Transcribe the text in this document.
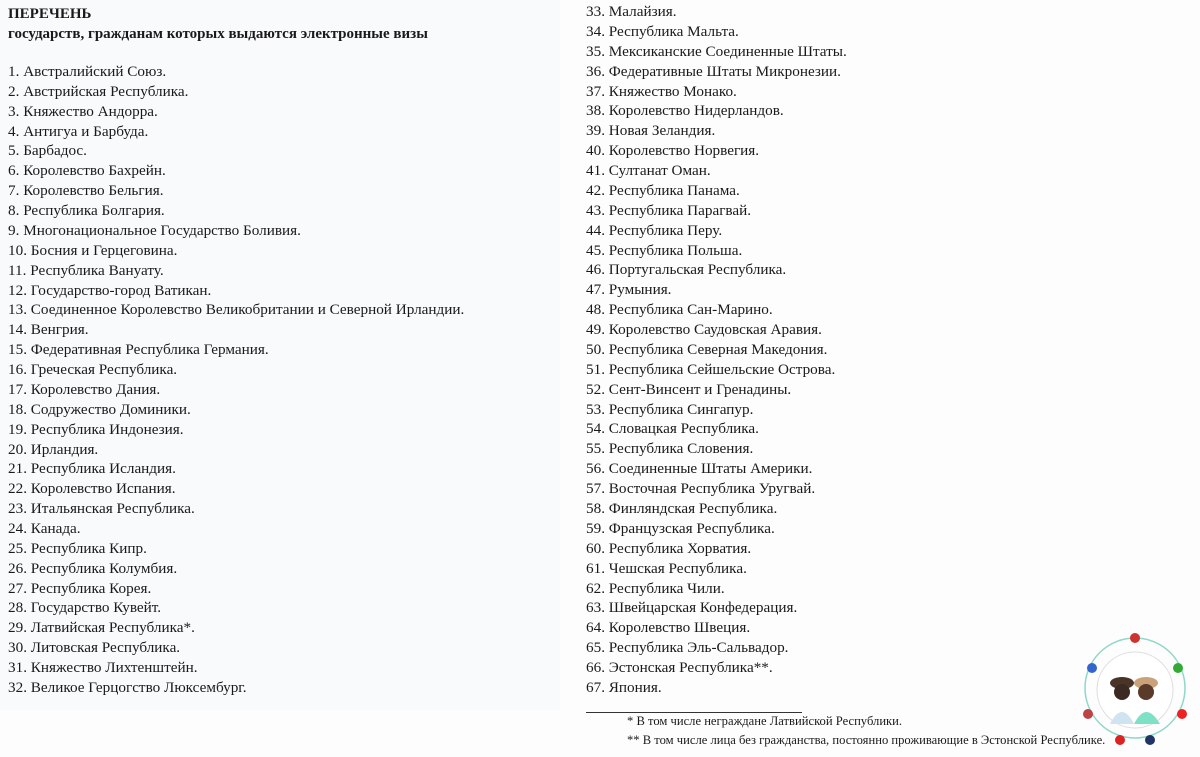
ПЕРЕЧЕНЬ
государств, гражданам которых выдаются электронные визы
1. Австралийский Союз.
2. Австрийская Республика.
3. Княжество Андорра.
4. Антигуа и Барбуда.
5. Барбадос.
6. Королевство Бахрейн.
7. Королевство Бельгия.
8. Республика Болгария.
9. Многонациональное Государство Боливия.
10. Босния и Герцеговина.
11. Республика Вануату.
12. Государство-город Ватикан.
13. Соединенное Королевство Великобритании и Северной Ирландии.
14. Венгрия.
15. Федеративная Республика Германия.
16. Греческая Республика.
17. Королевство Дания.
18. Содружество Доминики.
19. Республика Индонезия.
20. Ирландия.
21. Республика Исландия.
22. Королевство Испания.
23. Итальянская Республика.
24. Канада.
25. Республика Кипр.
26. Республика Колумбия.
27. Республика Корея.
28. Государство Кувейт.
29. Латвийская Республика*.
30. Литовская Республика.
31. Княжество Лихтенштейн.
32. Великое Герцогство Люксембург.
33. Малайзия.
34. Республика Мальта.
35. Мексиканские Соединенные Штаты.
36. Федеративные Штаты Микронезии.
37. Княжество Монако.
38. Королевство Нидерландов.
39. Новая Зеландия.
40. Королевство Норвегия.
41. Султанат Оман.
42. Республика Панама.
43. Республика Парагвай.
44. Республика Перу.
45. Республика Польша.
46. Португальская Республика.
47. Румыния.
48. Республика Сан-Марино.
49. Королевство Саудовская Аравия.
50. Республика Северная Македония.
51. Республика Сейшельские Острова.
52. Сент-Винсент и Гренадины.
53. Республика Сингапур.
54. Словацкая Республика.
55. Республика Словения.
56. Соединенные Штаты Америки.
57. Восточная Республика Уругвай.
58. Финляндская Республика.
59. Французская Республика.
60. Республика Хорватия.
61. Чешская Республика.
62. Республика Чили.
63. Швейцарская Конфедерация.
64. Королевство Швеция.
65. Республика Эль-Сальвадор.
66. Эстонская Республика**.
67. Япония.
* В том числе неграждане Латвийской Республики.
** В том числе лица без гражданства, постоянно проживающие в Эстонской Республике.
